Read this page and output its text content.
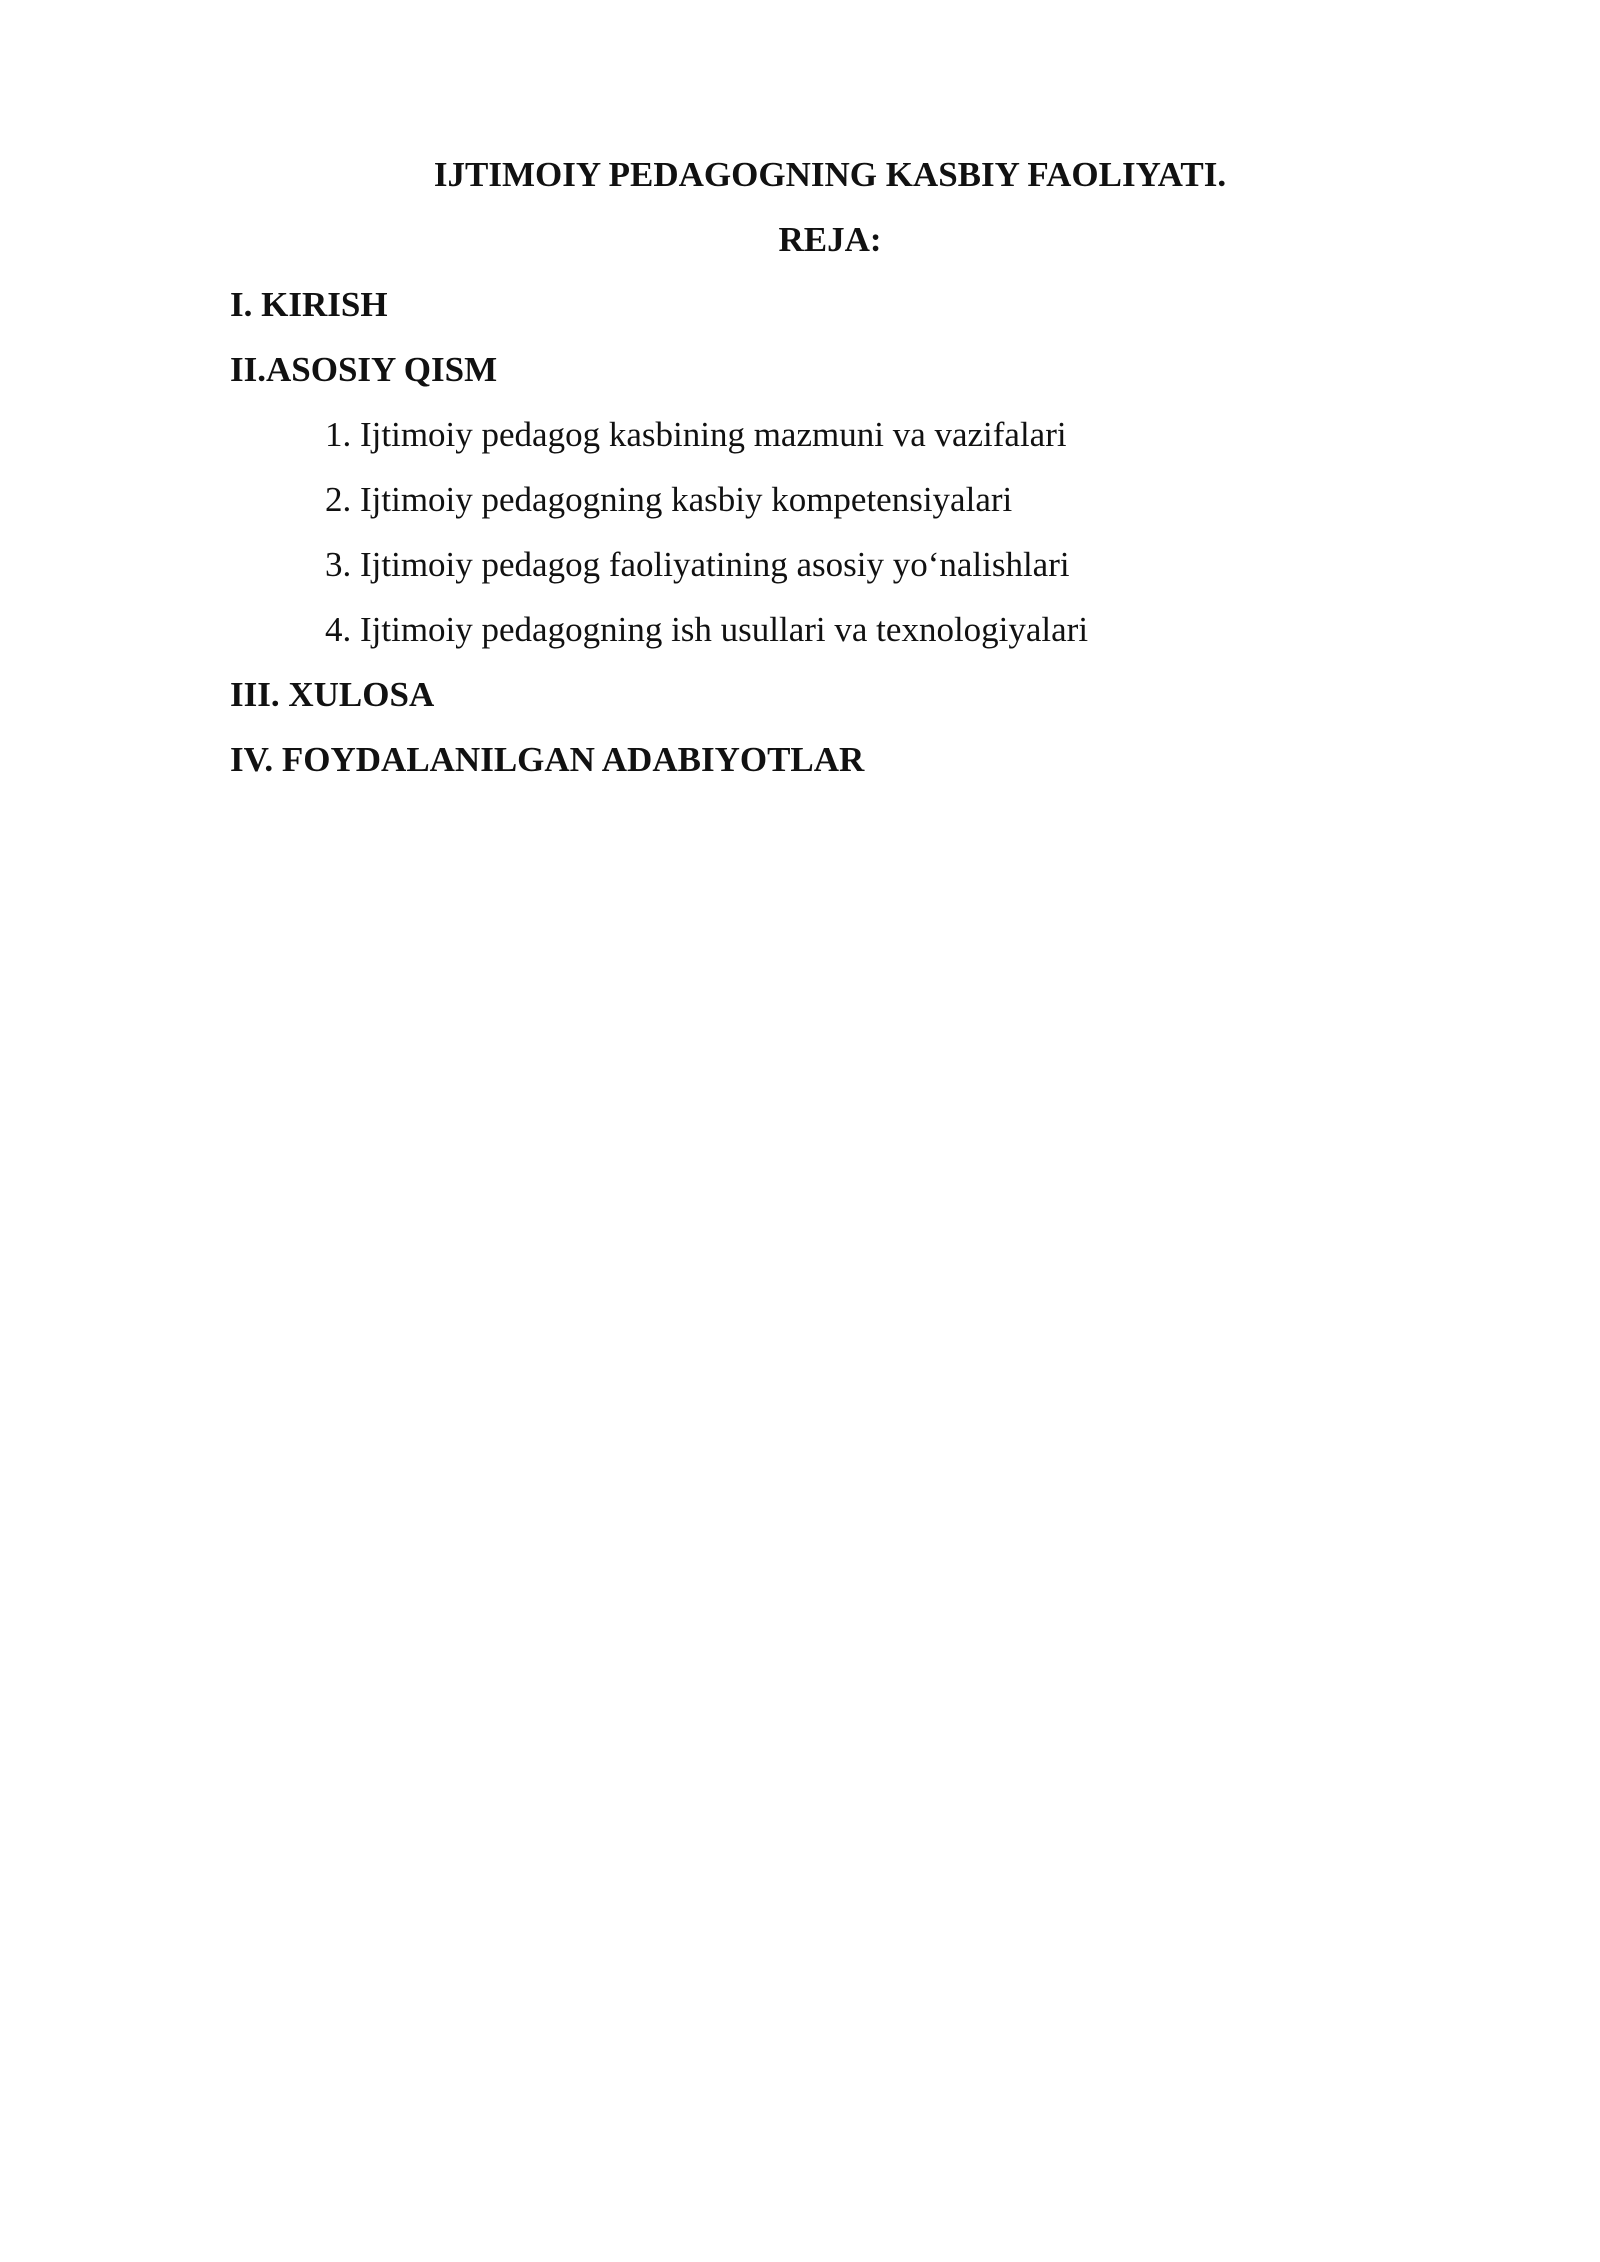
IJTIMOIY PEDAGOGNING KASBIY FAOLIYATI.
REJA:
I. KIRISH
II.ASOSIY QISM
1. Ijtimoiy pedagog kasbining mazmuni va vazifalari
2. Ijtimoiy pedagogning kasbiy kompetensiyalari
3. Ijtimoiy pedagog faoliyatining asosiy yo‘nalishlari
4. Ijtimoiy pedagogning ish usullari va texnologiyalari
III. XULOSA
IV. FOYDALANILGAN ADABIYOTLAR
